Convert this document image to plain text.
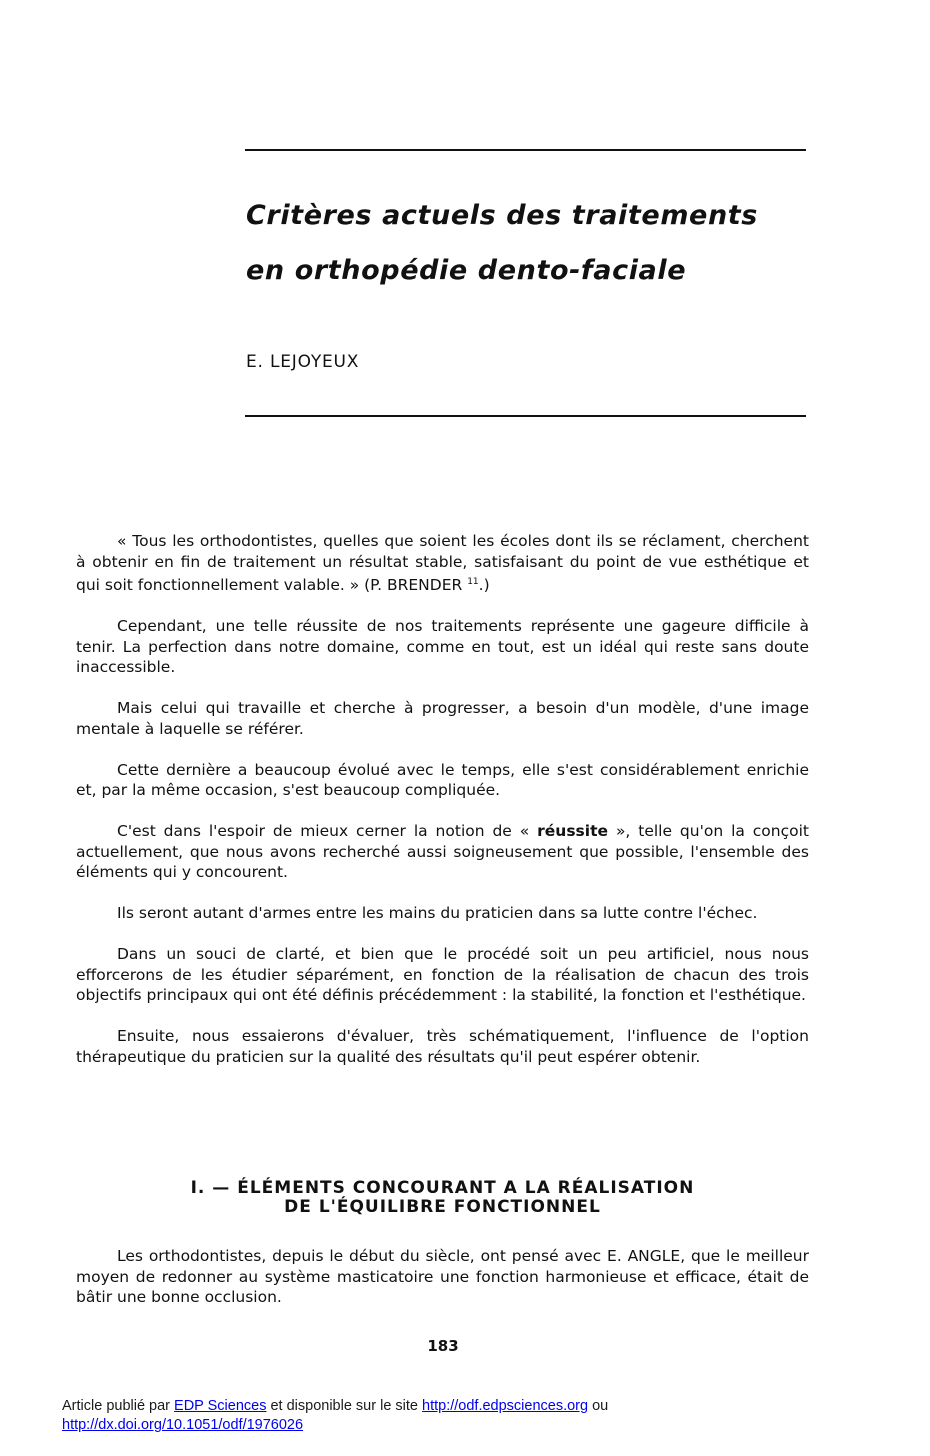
Critères actuels des traitements
en orthopédie dento-faciale

E. LEJOYEUX

« Tous les orthodontistes, quelles que soient les écoles dont ils se réclament, cherchent à obtenir en fin de traitement un résultat stable, satisfaisant du point de vue esthétique et qui soit fonctionnellement valable. » (P. BRENDER $^{11}$.)

Cependant, une telle réussite de nos traitements représente une gageure difficile à tenir. La perfection dans notre domaine, comme en tout, est un idéal qui reste sans doute inaccessible.

Mais celui qui travaille et cherche à progresser, a besoin d'un modèle, d'une image mentale à laquelle se référer.

Cette dernière a beaucoup évolué avec le temps, elle s'est considérablement enrichie et, par la même occasion, s'est beaucoup compliquée.

C'est dans l'espoir de mieux cerner la notion de « réussite », telle qu'on la conçoit actuellement, que nous avons recherché aussi soigneusement que possible, l'ensemble des éléments qui y concourent.

Ils seront autant d'armes entre les mains du praticien dans sa lutte contre l'échec.

Dans un souci de clarté, et bien que le procédé soit un peu artificiel, nous nous efforcerons de les étudier séparément, en fonction de la réalisation de chacun des trois objectifs principaux qui ont été définis précédemment : la stabilité, la fonction et l'esthétique.

Ensuite, nous essaierons d'évaluer, très schématiquement, l'influence de l'option thérapeutique du praticien sur la qualité des résultats qu'il peut espérer obtenir.

I. — ÉLÉMENTS CONCOURANT A LA RÉALISATION
DE L'ÉQUILIBRE FONCTIONNEL

Les orthodontistes, depuis le début du siècle, ont pensé avec E. ANGLE, que le meilleur moyen de redonner au système masticatoire une fonction harmonieuse et efficace, était de bâtir une bonne occlusion.

183
Article publié par EDP Sciences et disponible sur le site http://odf.edpsciences.org ou
http://dx.doi.org/10.1051/odf/1976026
